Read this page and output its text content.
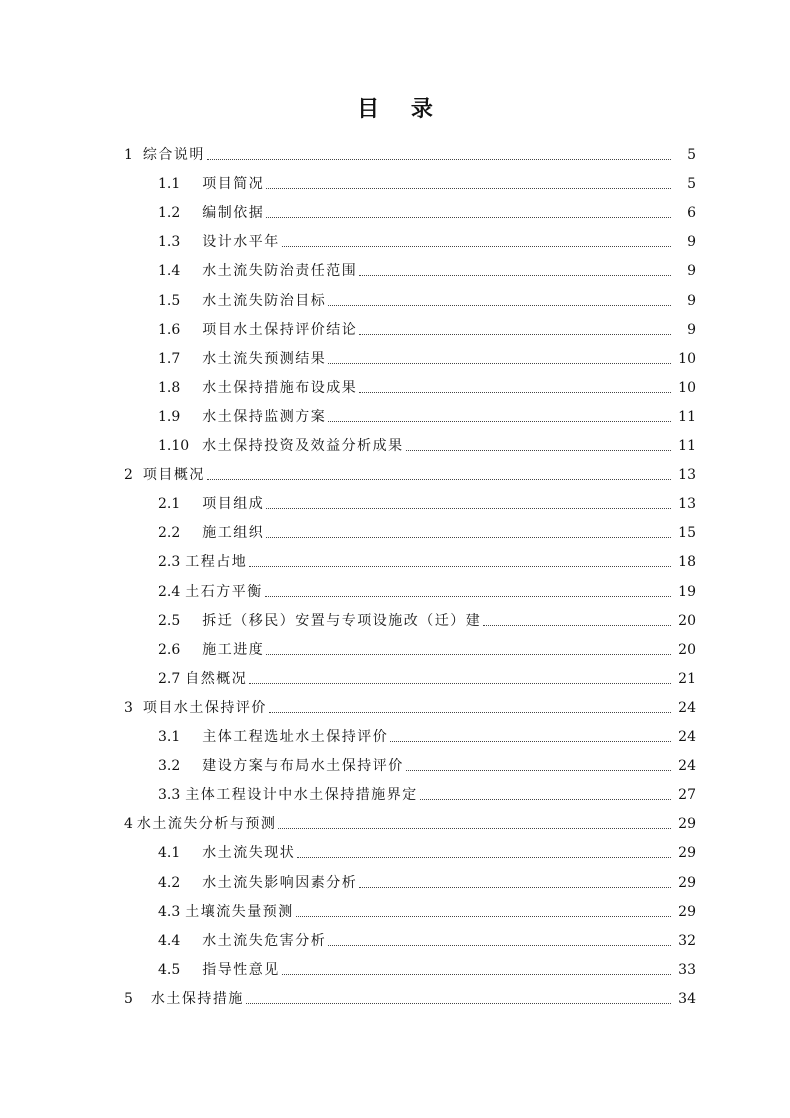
目 录
1 综合说明	5
1.1 项目简况	5
1.2 编制依据	6
1.3 设计水平年	9
1.4 水土流失防治责任范围	9
1.5 水土流失防治目标	9
1.6 项目水土保持评价结论	9
1.7 水土流失预测结果	10
1.8 水土保持措施布设成果	10
1.9 水土保持监测方案	11
1.10 水土保持投资及效益分析成果	11
2 项目概况	13
2.1 项目组成	13
2.2 施工组织	15
2.3 工程占地	18
2.4 土石方平衡	19
2.5 拆迁（移民）安置与专项设施改（迁）建	20
2.6 施工进度	20
2.7 自然概况	21
3 项目水土保持评价	24
3.1 主体工程选址水土保持评价	24
3.2 建设方案与布局水土保持评价	24
3.3 主体工程设计中水土保持措施界定	27
4 水土流失分析与预测	29
4.1 水土流失现状	29
4.2 水土流失影响因素分析	29
4.3 土壤流失量预测	29
4.4 水土流失危害分析	32
4.5 指导性意见	33
5 水土保持措施	34
